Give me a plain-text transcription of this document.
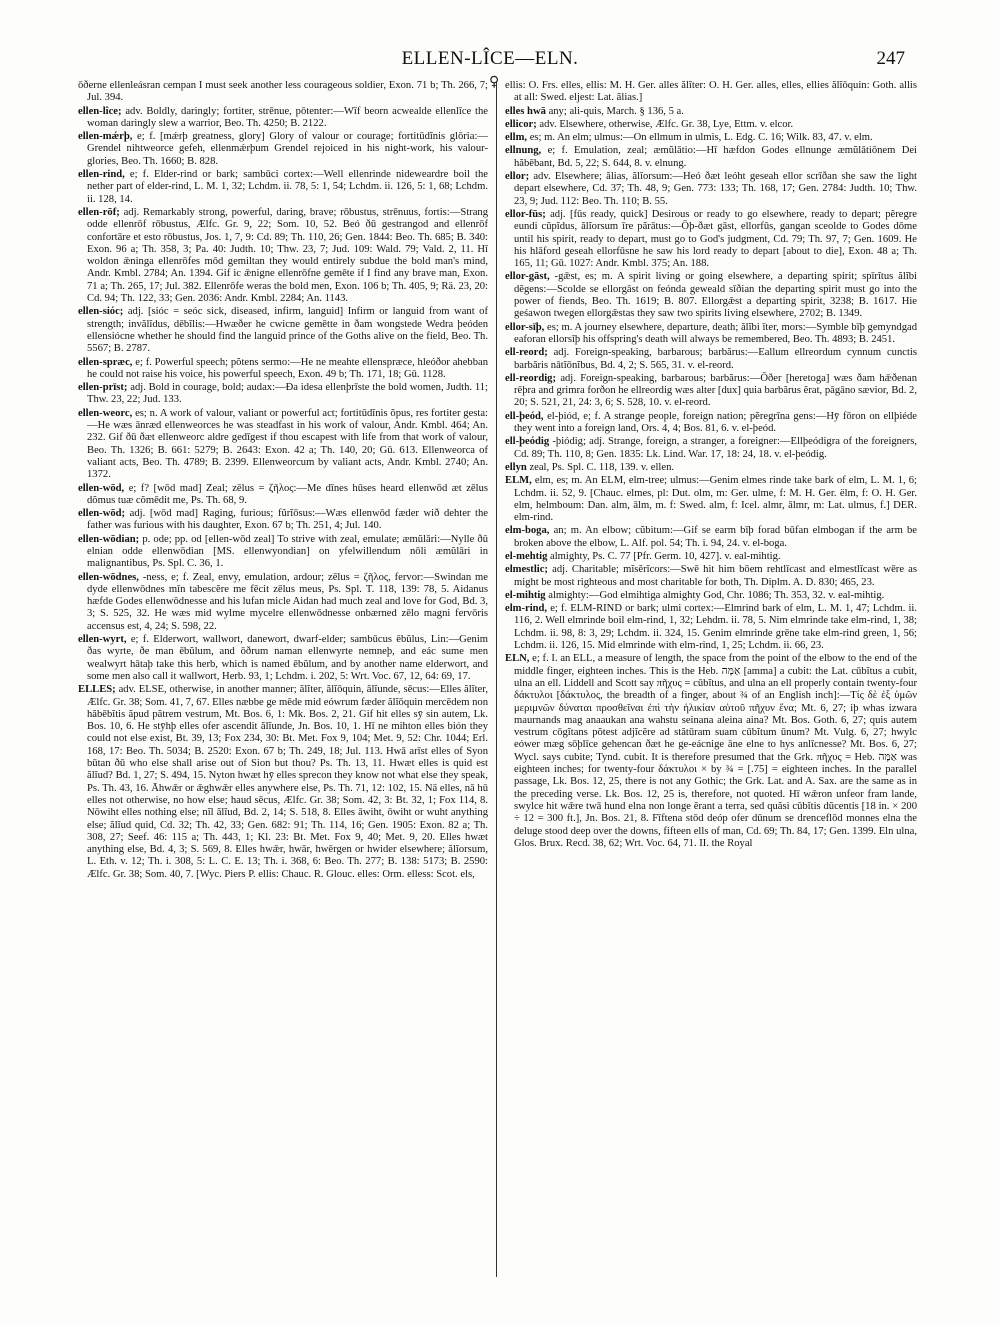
ELLEN-LÎCE—ELN.	247
ōðerne ellenleásran cempan I must seek another less courageous soldier, Exon. 71 b; Th. 266, 7; Jul. 394.
ellen-lîce; adv. Boldly, daringly; fortiter, strēnue, pōtenter:—Wīf beorn acwealde ellenlīce the woman daringly slew a warrior, Beo. Th. 4250; B. 2122.
ellen-mǽrþ, e; f. [mǽrþ greatness, glory] Glory of valour or courage; fortitūdĭnis glōria:—Grendel nihtweorce gefeh, ellenmǽrþum Grendel rejoiced in his night-work, his valour-glories, Beo. Th. 1660; B. 828.
ellen-rind, e; f. Elder-rind or bark; sambūci cortex:—Well ellenrinde nideweardre boil the nether part of elder-rind, L. M. 1, 32; Lchdm. ii. 78, 5: 1, 54; Lchdm. ii. 126, 5: 1, 68; Lchdm. ii. 128, 14.
ellen-rōf; adj. Remarkably strong, powerful, daring, brave; rōbustus, strēnuus, fortis:—Strang odde ellenrōf rōbustus, Ælfc. Gr. 9, 22; Som. 10, 52. Beó ðū gestrangod and ellenrōf confortāre et esto rōbustus, Jos. 1, 7, 9: Cd. 89; Th. 110, 26; Gen. 1844: Beo. Th. 685; B. 340: Exon. 96 a; Th. 358, 3; Pa. 40: Judth. 10; Thw. 23, 7; Jud. 109: Wald. 79; Vald. 2, 11. Hī woldon ǣninga ellenrōfes mōd gemiltan they would entirely subdue the bold man's mind, Andr. Kmbl. 2784; An. 1394. Gif ic ǣnigne ellenrōfne gemēte if I find any brave man, Exon. 71 a; Th. 265, 17; Jul. 382. Ellenrōfe weras the bold men, Exon. 106 b; Th. 405, 9; Rä. 23, 20: Cd. 94; Th. 122, 33; Gen. 2036: Andr. Kmbl. 2284; An. 1143.
ellen-sióc; adj. [sióc = seóc sick, diseased, infirm, languid] Infirm or languid from want of strength; invălĭdus, dēbĭlis:—Hwæðer he cwicne gemētte in ðam wongstede Wedra þeóden ellensiócne whether he should find the languid prince of the Goths alive on the field, Beo. Th. 5567; B. 2787.
ellen-spræc, e; f. Powerful speech; pŏtens sermo:—He ne meahte ellenspræce, hleóðor ahebban he could not raise his voice, his powerful speech, Exon. 49 b; Th. 171, 18; Gū. 1128.
ellen-prīst; adj. Bold in courage, bold; audax:—Ða idesa ellenþrīste the bold women, Judth. 11; Thw. 23, 22; Jud. 133.
ellen-weorc, es; n. A work of valour, valiant or powerful act; fortitūdĭnis ŏpus, res fortiter gesta:—He wæs ānræd ellenweorces he was steadfast in his work of valour, Andr. Kmbl. 464; An. 232. Gif ðū ðæt ellenweorc aldre gedīgest if thou escapest with life from that work of valour, Beo. Th. 1326; B. 661: 5279; B. 2643: Exon. 42 a; Th. 140, 20; Gū. 613. Ellenweorca of valiant acts, Beo. Th. 4789; B. 2399. Ellenweorcum by valiant acts, Andr. Kmbl. 2740; An. 1372.
ellen-wōd, e; f? [wōd mad] Zeal; zēlus = ζῆλος:—Me dīnes hūses heard ellenwōd æt zēlus dŏmus tuæ cŏmēdit me, Ps. Th. 68, 9.
ellen-wōd; adj. [wōd mad] Raging, furious; fŭrĭōsus:—Wæs ellenwōd fæder wið dehter the father was furious with his daughter, Exon. 67 b; Th. 251, 4; Jul. 140.
ellen-wōdian; p. ode; pp. od [ellen-wōd zeal] To strive with zeal, emulate; æmŭlāri:—Nylle ðū elnian odde ellenwōdian [MS. ellenwyondian] on yfelwillendum nōli æmŭlāri in malignantibus, Ps. Spl. C. 36, 1.
ellen-wōdnes, -ness, e; f. Zeal, envy, emulation, ardour; zēlus = ζῆλος, fervor:—Swindan me dyde ellenwōdnes mīn tabescĕre me fēcit zēlus meus, Ps. Spl. T. 118, 139: 78, 5. Aidanus hæfde Godes ellenwōdnesse and his lufan micle Aidan had much zeal and love for God, Bd. 3, 3; S. 525, 32. He wæs mid wylme mycelre ellenwōdnesse onbærned zēlo magni fervōris accensus est, 4, 24; S. 598, 22.
ellen-wyrt, e; f. Elderwort, wallwort, danewort, dwarf-elder; sambūcus ēbŭlus, Lin:—Genim ðas wyrte, ðe man ēbŭlum, and ōðrum naman ellenwyrte nemneþ, and eác sume men wealwyrt hātaþ take this herb, which is named ēbŭlum, and by another name elderwort, and some men also call it wallwort, Herb. 93, 1; Lchdm. i. 202, 5: Wrt. Voc. 67, 12, 64: 69, 17.
ELLES; adv. ELSE, otherwise, in another manner; ălĭter, ălĭōquin, ălĭunde, sēcus:—Elles ălĭter, Ælfc. Gr. 38; Som. 41, 7, 67. Elles næbbe ge mēde mid eówrum fæder ălĭōquin mercēdem non hăbēbĭtis ăpud pătrem vestrum, Mt. Bos. 6, 1: Mk. Bos. 2, 21. Gif hit elles sȳ sin autem, Lk. Bos. 10, 6. He stȳhþ elles ofer ascendit ălĭunde, Jn. Bos. 10, 1. Hī ne mihton elles bión they could not else exist, Bt. 39, 13; Fox 234, 30: Bt. Met. Fox 9, 104; Met. 9, 52: Chr. 1044; Erl. 168, 17: Beo. Th. 5034; B. 2520: Exon. 67 b; Th. 249, 18; Jul. 113. Hwā arīst elles of Syon būtan ðū who else shall arise out of Sion but thou? Ps. Th. 13, 11. Hwæt elles is quid est ălĭud? Bd. 1, 27; S. 494, 15. Nyton hwæt hȳ elles sprecon they know not what else they speak, Ps. Th. 43, 16. Āhwǣr or ǣghwǣr elles anywhere else, Ps. Th. 71, 12: 102, 15. Nā elles, nā hū elles not otherwise, no how else; haud sēcus, Ælfc. Gr. 38; Som. 42, 3: Bt. 32, 1; Fox 114, 8. Nōwiht elles nothing else; nĭl ălĭud, Bd. 2, 14; S. 518, 8. Elles āwiht, ōwiht or wuht anything else; ălĭud quid, Cd. 32; Th. 42, 33; Gen. 682: 91; Th. 114, 16; Gen. 1905: Exon. 82 a; Th. 308, 27; Seef. 46: 115 a; Th. 443, 1; Kl. 23: Bt. Met. Fox 9, 40; Met. 9, 20. Elles hwæt anything else, Bd. 4, 3; S. 569, 8. Elles hwǣr, hwār, hwērgen or hwider elsewhere; ălĭorsum, L. Eth. v. 12; Th. i. 308, 5: L. C. E. 13; Th. i. 368, 6: Beo. Th. 277; B. 138: 5173; B. 2590: Ælfc. Gr. 38; Som. 40, 7. [Wyc. Piers P. ellis: Chauc. R. Glouc. elles: Orm. elless: Scot. els,
♀ ellis: O. Frs. elles, ellis: M. H. Ger. alles ălĭter: O. H. Ger. alles, elles, ellies ălĭōquin: Goth. allis at all: Swed. eljest: Lat. ălias.]
elles hwā any; ali-quis, March. § 136, 5 a.
ellicor; adv. Elsewhere, otherwise, Ælfc. Gr. 38, Lye, Ettm. v. elcor.
ellm, es; m. An elm; ulmus:—On ellmum in ulmis, L. Edg. C. 16; Wilk. 83, 47. v. elm.
ellnung, e; f. Emulation, zeal; æmŭlātio:—Hī hæfdon Godes ellnunge æmŭlātiōnem Dei hăbēbant, Bd. 5, 22; S. 644, 8. v. elnung.
ellor; adv. Elsewhere; ălias, ălĭorsum:—Heó ðæt leóht geseah ellor scrīðan she saw the light depart elsewhere, Cd. 37; Th. 48, 9; Gen. 773: 133; Th. 168, 17; Gen. 2784: Judth. 10; Thw. 23, 9; Jud. 112: Beo. Th. 110; B. 55.
ellor-fūs; adj. [fūs ready, quick] Desirous or ready to go elsewhere, ready to depart; pĕregre eundi cŭpĭdus, ălĭorsum īre părātus:—Ōþ-ðæt gāst, ellorfūs, gangan sceolde to Godes dōme until his spirit, ready to depart, must go to God's judgment, Cd. 79; Th. 97, 7; Gen. 1609. He his hlāford geseah ellorfūsne he saw his lord ready to depart [about to die], Exon. 48 a; Th. 165, 11; Gū. 1027: Andr. Kmbl. 375; An. 188.
ellor-gāst, -gǣst, es; m. A spirit living or going elsewhere, a departing spirit; spīrĭtus ălĭbi dĕgens:—Scolde se ellorgāst on feónda geweald sīðian the departing spirit must go into the power of fiends, Beo. Th. 1619; B. 807. Ellorgǣst a departing spirit, 3238; B. 1617. Hie geśawon twegen ellorgǣstas they saw two spirits living elsewhere, 2702; B. 1349.
ellor-sīþ, es; m. A journey elsewhere, departure, death; ălĭbi īter, mors:—Symble bīþ gemyndgad eaforan ellorsīþ his offspring's death will always be remembered, Beo. Th. 4893; B. 2451.
ell-reord; adj. Foreign-speaking, barbarous; barbărus:—Eallum ellreordum cynnum cunctis barbăris nātĭōnĭbus, Bd. 4, 2; S. 565, 31. v. el-reord.
ell-reordig; adj. Foreign-speaking, barbarous; barbărus:—Ōðer [heretoga] wæs ðam hǣðenan rēþra and grimra forðon he ellreordig wæs alter [dux] quia barbărus ĕrat, pāgāno sævior, Bd. 2, 20; S. 521, 21, 24: 3, 6; S. 528, 10. v. el-reord.
ell-þeód, el-þiód, e; f. A strange people, foreign nation; pĕregrīna gens:—Hȳ fōron on ellþiéde they went into a foreign land, Ors. 4, 4; Bos. 81, 6. v. el-þeód.
ell-þeódig -þiódig; adj. Strange, foreign, a stranger, a foreigner:—Ellþeódigra of the foreigners, Cd. 89; Th. 110, 8; Gen. 1835: Lk. Lind. War. 17, 18: 24, 18. v. el-þeódig.
ellyn zeal, Ps. Spl. C. 118, 139. v. ellen.
ELM, elm, es; m. An ELM, elm-tree; ulmus:—Genim elmes rinde take bark of elm, L. M. 1, 6; Lchdm. ii. 52, 9. [Chauc. elmes, pl: Dut. olm, m: Ger. ulme, f: M. H. Ger. ëlm, f: O. H. Ger. elm, helmboum: Dan. alm, ālm, m. f: Swed. alm, f: Icel. almr, ālmr, m: Lat. ulmus, f.] DER. elm-rind.
elm-boga, an; m. An elbow; cŭbitum:—Gif se earm bīþ forad būfan elmbogan if the arm be broken above the elbow, L. Alf. pol. 54; Th. i. 94, 24. v. el-boga.
el-mehtig almighty, Ps. C. 77 [Pfr. Germ. 10, 427]. v. eal-mihtig.
elmestlic; adj. Charitable; mĭsĕrĭcors:—Swē hit him bōem rehtlīcast and elmestlīcast wēre as might be most righteous and most charitable for both, Th. Diplm. A. D. 830; 465, 23.
el-mihtig almighty:—God elmihtiga almighty God, Chr. 1086; Th. 353, 32. v. eal-mihtig.
elm-rind, e; f. ELM-RIND or bark; ulmi cortex:—Elmrind bark of elm, L. M. 1, 47; Lchdm. ii. 116, 2. Well elmrinde boil elm-rind, 1, 32; Lehdm. ii. 78, 5. Nim elmrinde take elm-rind, 1, 38; Lchdm. ii. 98, 8: 3, 29; Lchdm. ii. 324, 15. Genim elmrinde grēne take elm-rind green, 1, 56; Lchdm. ii. 126, 15. Mid elmrinde with elm-rind, 1, 25; Lchdm. ii. 66, 23.
ELN, e; f. I. an ELL, a measure of length, the space from the point of the elbow to the end of the middle finger, eighteen inches. This is the Heb. אַמָּה [amma] a cubit: the Lat. cūbĭtus a cubit, ulna an ell. Liddell and Scott say πῆχυς = cūbĭtus, and ulna an ell properly contain twenty-four δάκτυλοι [δάκτυλος, the breadth of a finger, about ¾ of an English inch]:—Τίς δὲ ἐξ ὑμῶν μεριμνῶν δύναται προσθεῖναι ἐπὶ τὴν ἡλικίαν αὐτοῦ πῆχυν ἕνα; Mt. 6, 27; iþ whas izwara maurnands mag anaaukan ana wahstu seinana aleina aina? Mt. Bos. Goth. 6, 27; quis autem vestrum cōgĭtans pŏtest adjĭcĕre ad stătūram suam cūbĭtum ūnum? Mt. Vulg. 6, 27; hwylc eówer mæg sōþlīce gehencan ðæt he ge-eácnige āne elne to hys anlīcnesse? Mt. Bos. 6, 27; Wycl. says cubite; Tynd. cubit. It is therefore presumed that the Grk. πῆχυς = Heb. אַמָּה was eighteen inches; for twenty-four δάκτυλοι × by ¾ = [.75] = eighteen inches. In the parallel passage, Lk. Bos. 12, 25, there is not any Gothic; the Grk. Lat. and A. Sax. are the same as in the preceding verse. Lk. Bos. 12, 25 is, therefore, not quoted. Hī wǣron unfeor fram lande, swylce hit wǣre twā hund elna non longe ĕrant a terra, sed quăsi cūbĭtis dŭcentis [18 in. × 200 ÷ 12 = 300 ft.], Jn. Bos. 21, 8. Fīftena stōd deóp ofer dūnum se drenceflōd monnes elna the deluge stood deep over the downs, fifteen ells of man, Cd. 69; Th. 84, 17; Gen. 1399. Eln ulna, Glos. Brux. Recd. 38, 62; Wrt. Voc. 64, 71. II. the Royal
